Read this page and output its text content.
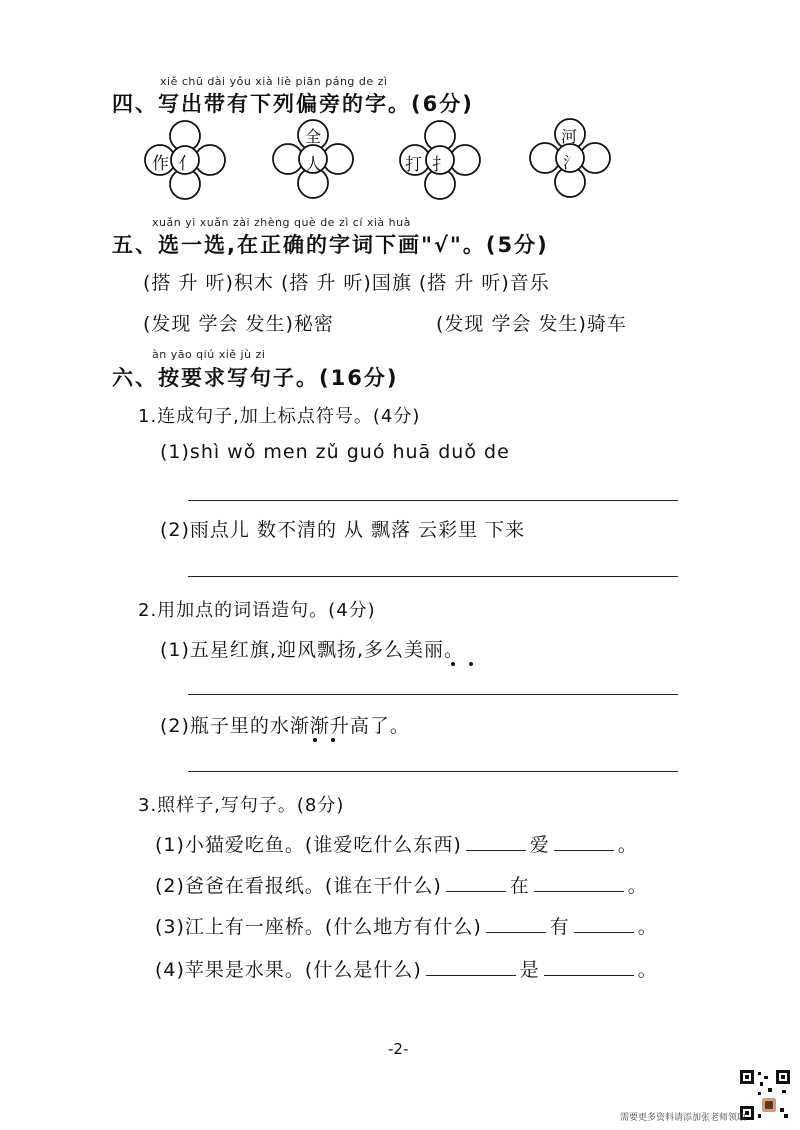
xiě chū dài yǒu xià liè piān páng de zì
四、写出带有下列偏旁的字。(6分)
作 亻
全
人	打 扌
河
氵
xuǎn yi xuǎn zài zhèng què de zì cí xià huà
五、选一选,在正确的字词下画"√"。(5分)
(搭 升 听)积木 (搭 升 听)国旗 (搭 升 听)音乐
(发现 学会 发生)秘密	(发现 学会 发生)骑车
àn yāo qiú xiě jù zi
六、按要求写句子。(16分)
1.连成句子,加上标点符号。(4分)
(1)shì wǒ men zǔ guó huā duǒ de
(2)雨点儿 数不清的 从 飘落 云彩里 下来
2.用加点的词语造句。(4分)
(1)五星红旗,迎风飘扬,多么美丽。
(2)瓶子里的水渐渐升高了。
3.照样子,写句子。(8分)
(1)小猫爱吃鱼。(谁爱吃什么东西)	爱	。
(2)爸爸在看报纸。(谁在干什么)	在	。
(3)江上有一座桥。(什么地方有什么)	有	。
(4)苹果是水果。(什么是什么)	是	。
-2-
需要更多资料请添加张老师领取
